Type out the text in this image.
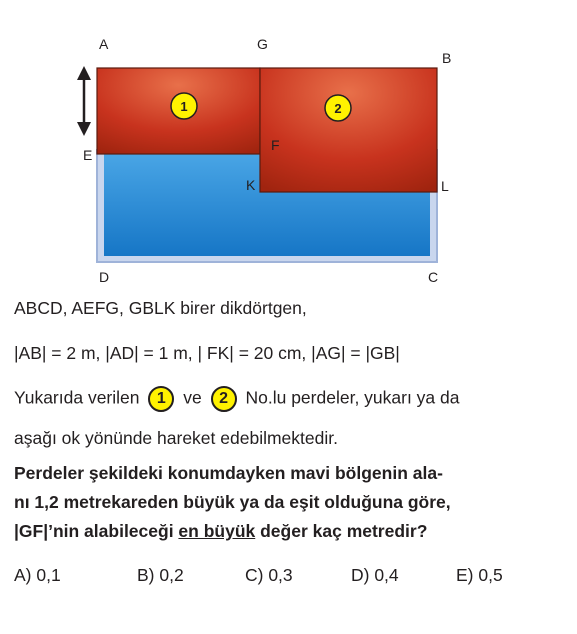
1	2
A	G
B
E
F
K	L
D	C
ABCD, AEFG, GBLK birer dikdörtgen,
|AB| = 2 m, |AD| = 1 m, | FK| = 20 cm, |AG| = |GB|
Yukarıda verilen 1 ve 2 No.lu perdeler, yukarı ya da
aşağı ok yönünde hareket edebilmektedir.
Perdeler şekildeki konumdayken mavi bölgenin ala-
nı 1,2 metrekareden büyük ya da eşit olduğuna göre,
|GF|’nin alabileceği en büyük değer kaç metredir?
A) 0,1	B) 0,2	C) 0,3	D) 0,4	E) 0,5
